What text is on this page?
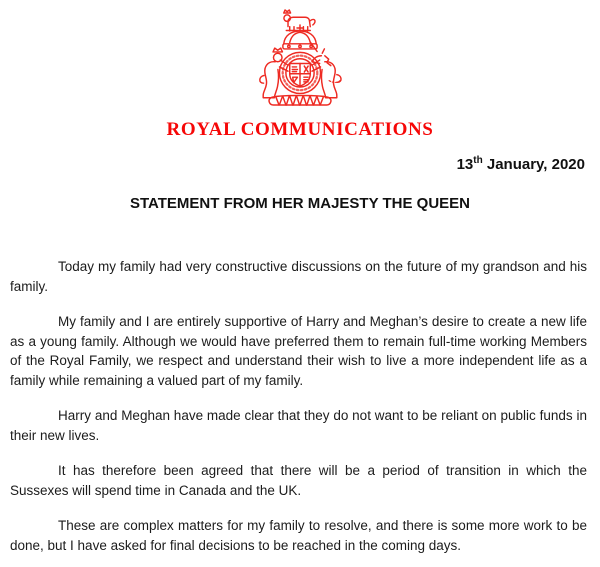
ROYAL COMMUNICATIONS
13th January, 2020
STATEMENT FROM HER MAJESTY THE QUEEN

Today my family had very constructive discussions on the future of my grandson and his family.

My family and I are entirely supportive of Harry and Meghan’s desire to create a new life as a young family. Although we would have preferred them to remain full-time working Members of the Royal Family, we respect and understand their wish to live a more independent life as a family while remaining a valued part of my family.

Harry and Meghan have made clear that they do not want to be reliant on public funds in their new lives.

It has therefore been agreed that there will be a period of transition in which the Sussexes will spend time in Canada and the UK.

These are complex matters for my family to resolve, and there is some more work to be done, but I have asked for final decisions to be reached in the coming days.
